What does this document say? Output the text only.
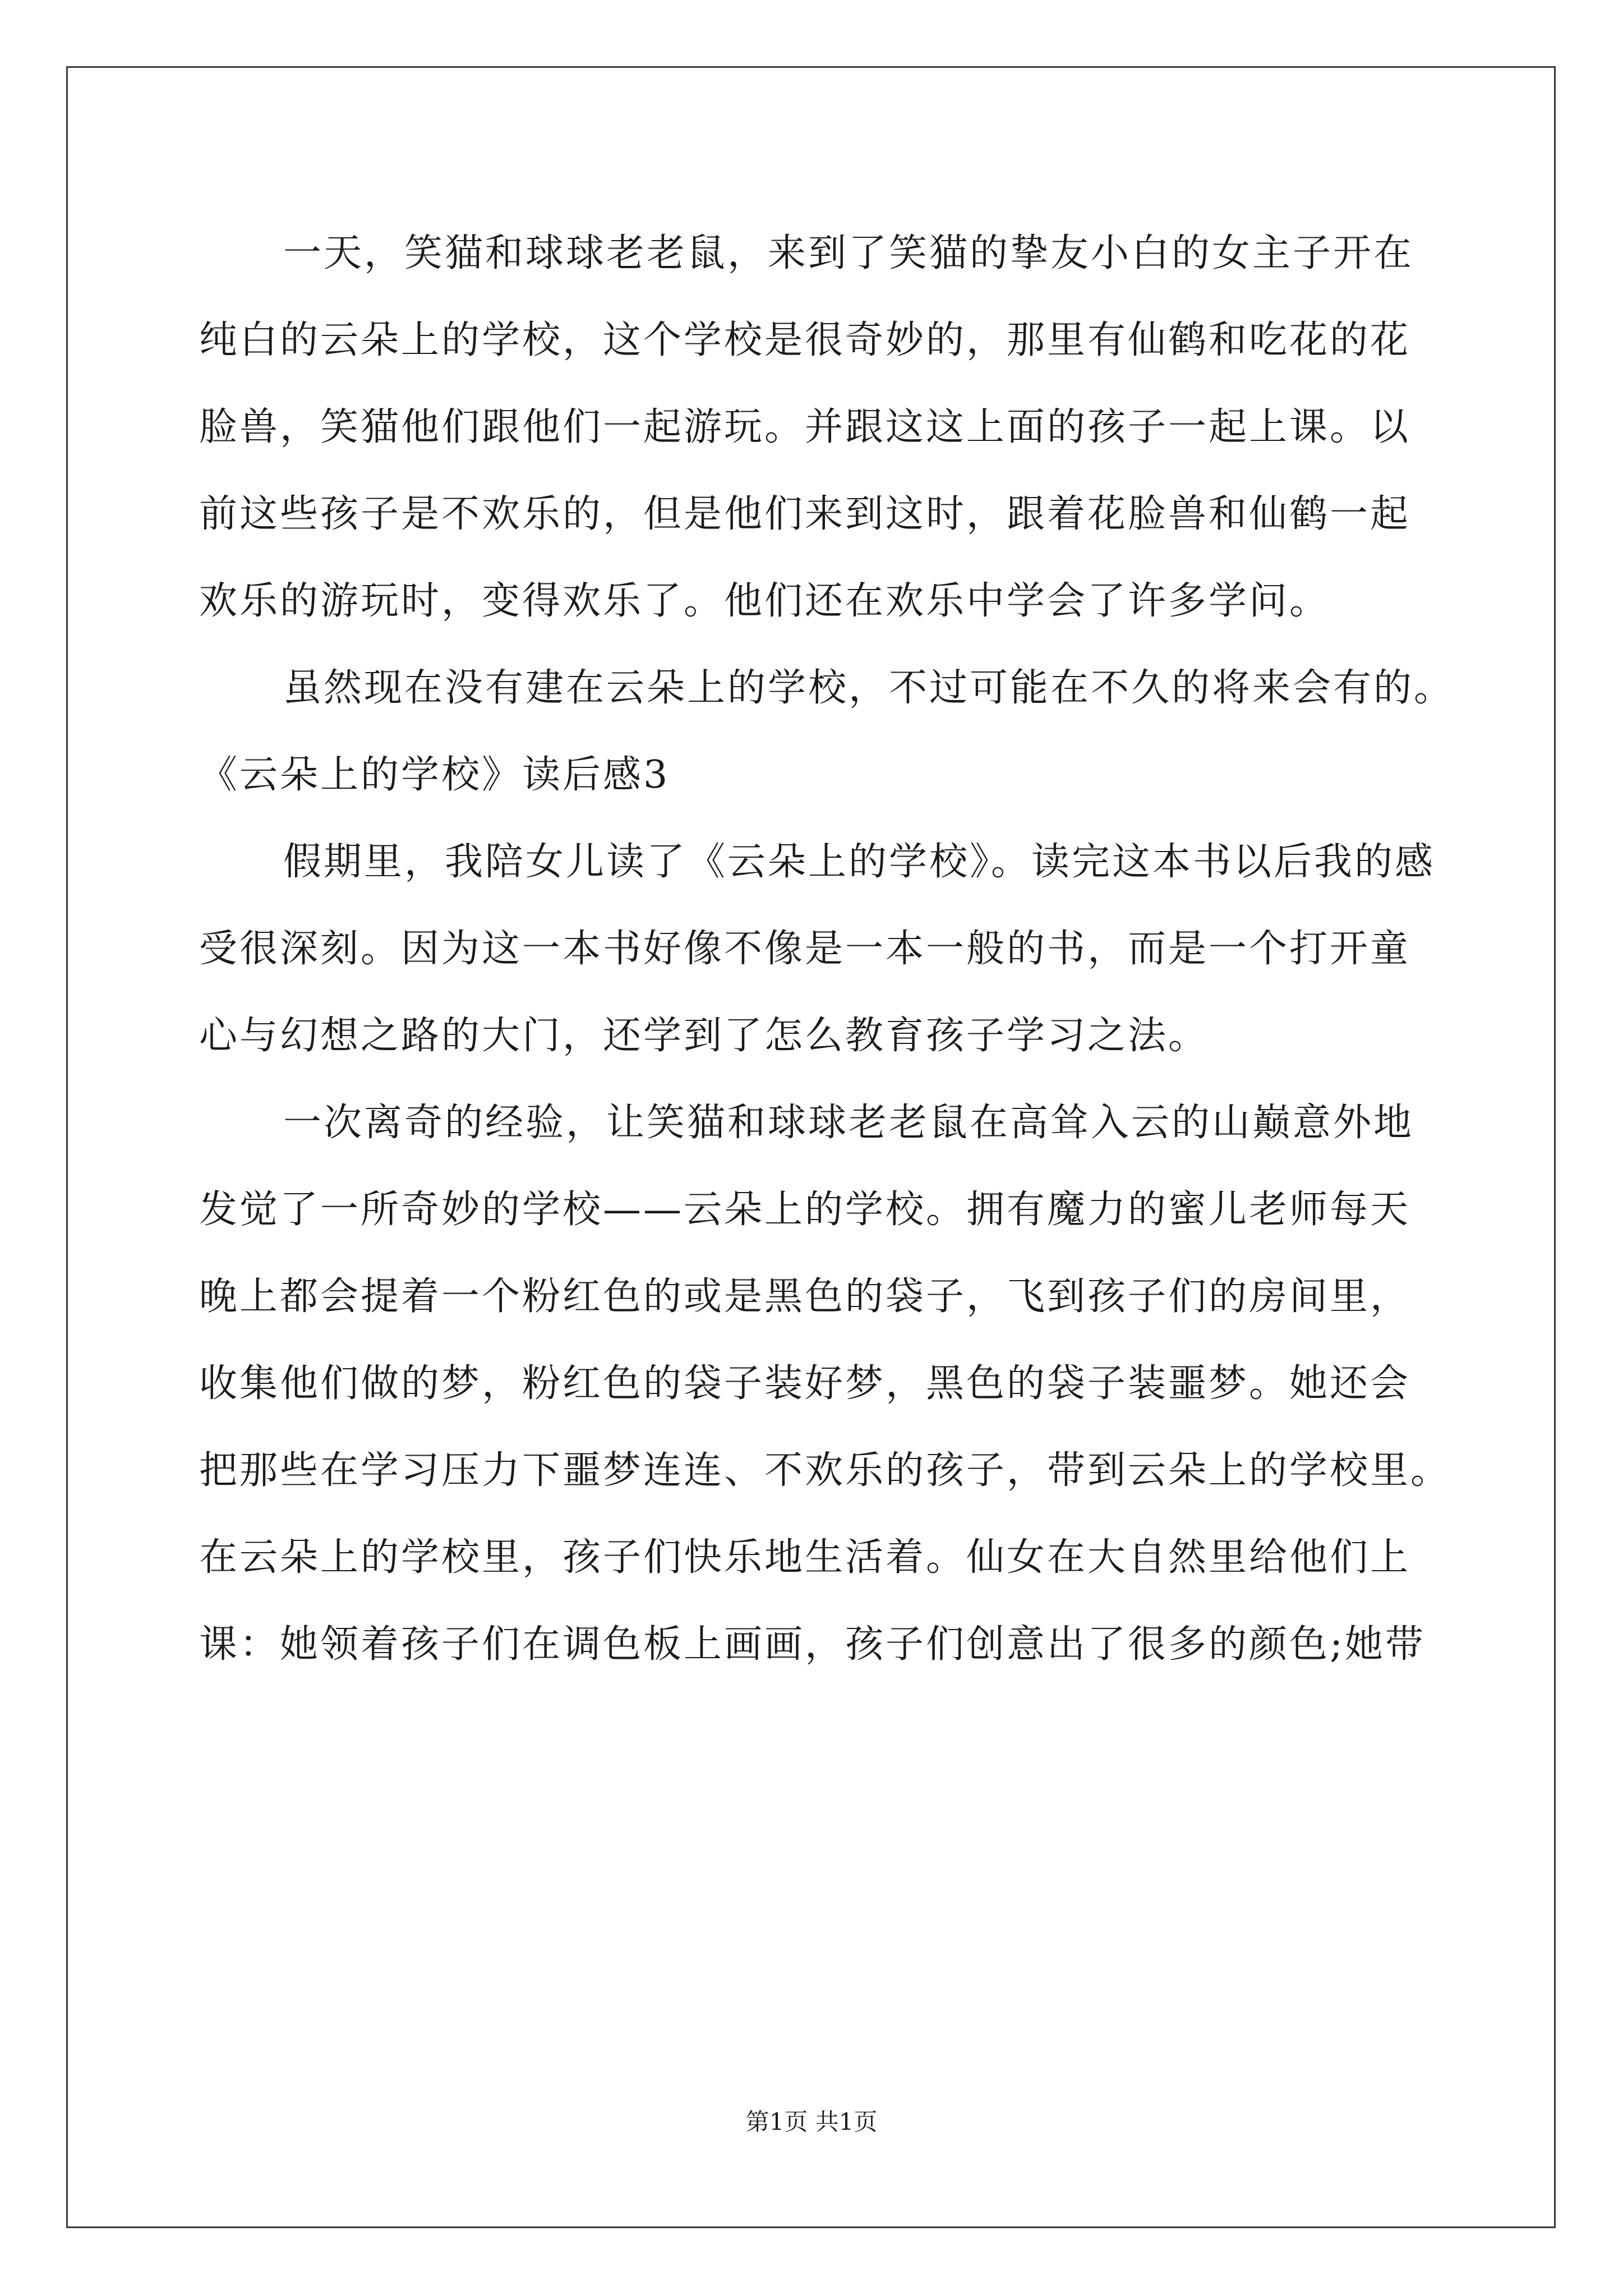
一天，笑猫和球球老老鼠，来到了笑猫的挚友小白的女主子开在
纯白的云朵上的学校，这个学校是很奇妙的，那里有仙鹤和吃花的花
脸兽，笑猫他们跟他们一起游玩。并跟这这上面的孩子一起上课。以
前这些孩子是不欢乐的，但是他们来到这时，跟着花脸兽和仙鹤一起
欢乐的游玩时，变得欢乐了。他们还在欢乐中学会了许多学问。
虽然现在没有建在云朵上的学校，不过可能在不久的将来会有的。
《云朵上的学校》读后感3
假期里，我陪女儿读了《云朵上的学校》。读完这本书以后我的感
受很深刻。因为这一本书好像不像是一本一般的书，而是一个打开童
心与幻想之路的大门，还学到了怎么教育孩子学习之法。
一次离奇的经验，让笑猫和球球老老鼠在高耸入云的山巅意外地
发觉了一所奇妙的学校——云朵上的学校。拥有魔力的蜜儿老师每天
晚上都会提着一个粉红色的或是黑色的袋子，飞到孩子们的房间里，
收集他们做的梦，粉红色的袋子装好梦，黑色的袋子装噩梦。她还会
把那些在学习压力下噩梦连连、不欢乐的孩子，带到云朵上的学校里。
在云朵上的学校里，孩子们快乐地生活着。仙女在大自然里给他们上
课：她领着孩子们在调色板上画画，孩子们创意出了很多的颜色;她带
第1页 共1页
